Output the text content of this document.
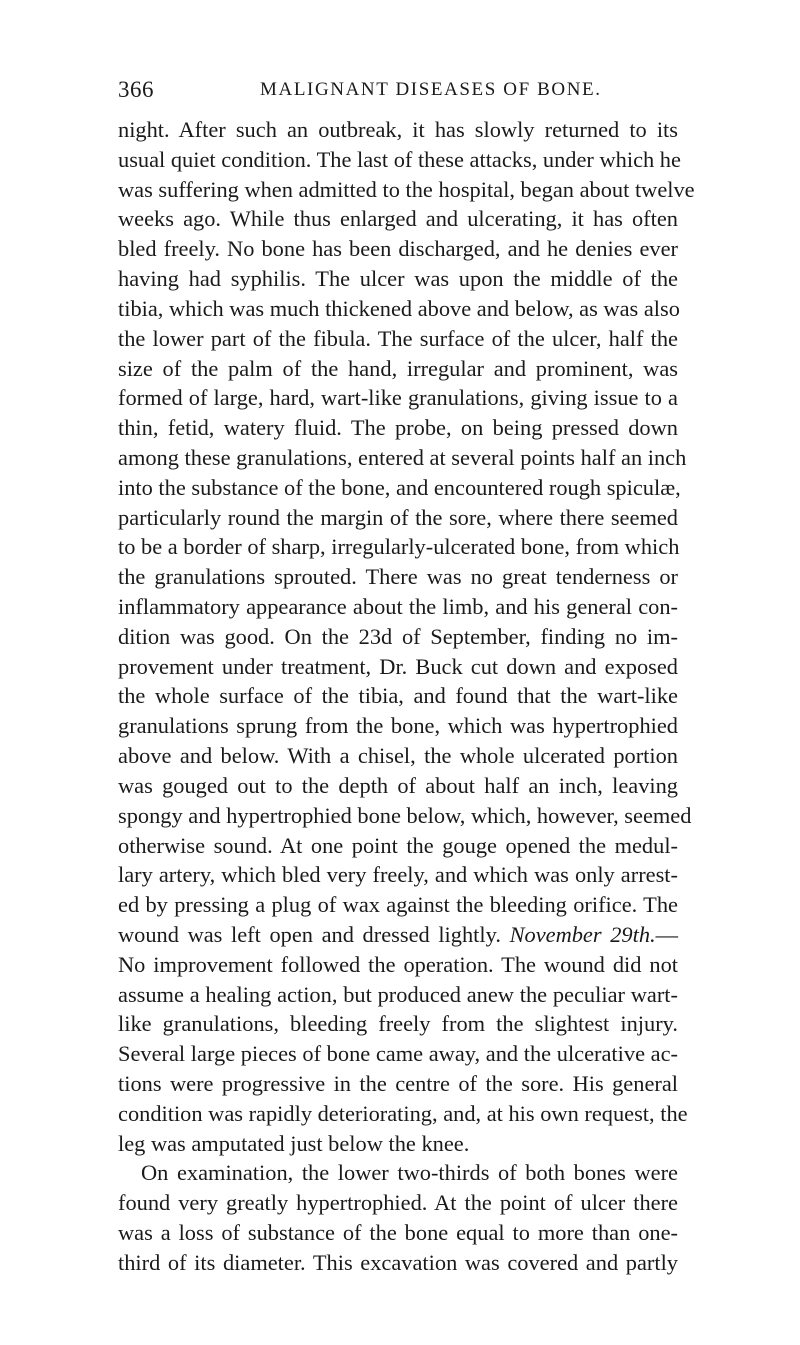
366	MALIGNANT DISEASES OF BONE.
night. After such an outbreak, it has slowly returned to its
usual quiet condition. The last of these attacks, under which he
was suffering when admitted to the hospital, began about twelve
weeks ago. While thus enlarged and ulcerating, it has often
bled freely. No bone has been discharged, and he denies ever
having had syphilis. The ulcer was upon the middle of the
tibia, which was much thickened above and below, as was also
the lower part of the fibula. The surface of the ulcer, half the
size of the palm of the hand, irregular and prominent, was
formed of large, hard, wart-like granulations, giving issue to a
thin, fetid, watery fluid. The probe, on being pressed down
among these granulations, entered at several points half an inch
into the substance of the bone, and encountered rough spiculæ,
particularly round the margin of the sore, where there seemed
to be a border of sharp, irregularly-ulcerated bone, from which
the granulations sprouted. There was no great tenderness or
inflammatory appearance about the limb, and his general con-
dition was good. On the 23d of September, finding no im-
provement under treatment, Dr. Buck cut down and exposed
the whole surface of the tibia, and found that the wart-like
granulations sprung from the bone, which was hypertrophied
above and below. With a chisel, the whole ulcerated portion
was gouged out to the depth of about half an inch, leaving
spongy and hypertrophied bone below, which, however, seemed
otherwise sound. At one point the gouge opened the medul-
lary artery, which bled very freely, and which was only arrest-
ed by pressing a plug of wax against the bleeding orifice. The
wound was left open and dressed lightly. November 29th.—
No improvement followed the operation. The wound did not
assume a healing action, but produced anew the peculiar wart-
like granulations, bleeding freely from the slightest injury.
Several large pieces of bone came away, and the ulcerative ac-
tions were progressive in the centre of the sore. His general
condition was rapidly deteriorating, and, at his own request, the
leg was amputated just below the knee.
On examination, the lower two-thirds of both bones were
found very greatly hypertrophied. At the point of ulcer there
was a loss of substance of the bone equal to more than one-
third of its diameter. This excavation was covered and partly
